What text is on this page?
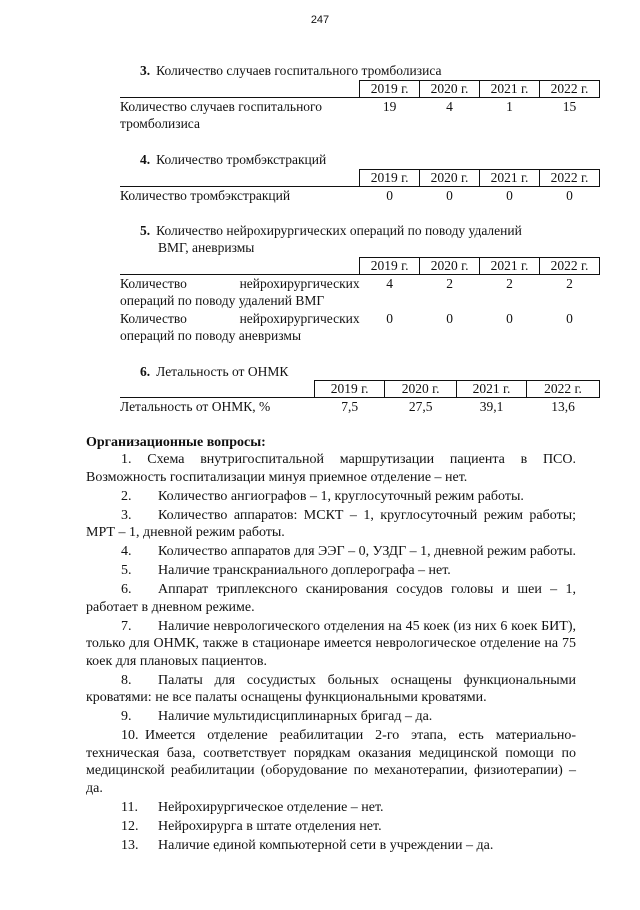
247
3. Количество случаев госпитального тромболизиса
	2019 г.	2020 г.	2021 г.	2022 г.
Количество случаев госпитального тромболизиса	19	4	1	15
4. Количество тромбэкстракций
	2019 г.	2020 г.	2021 г.	2022 г.
Количество тромбэкстракций	0	0	0	0
5. Количество нейрохирургических операций по поводу удалений
ВМГ, аневризмы
	2019 г.	2020 г.	2021 г.	2022 г.
Количество нейрохирургических операций по поводу удалений ВМГ	4	2	2	2
Количество нейрохирургических операций по поводу аневризмы	0	0	0	0
6. Летальность от ОНМК
	2019 г.	2020 г.	2021 г.	2022 г.
Летальность от ОНМК, %	7,5	27,5	39,1	13,6
Организационные вопросы:

1. Схема внутригоспитальной маршрутизации пациента в ПСО. Возможность госпитализации минуя приемное отделение – нет.

2. Количество ангиографов – 1, круглосуточный режим работы.

3. Количество аппаратов: МСКТ – 1, круглосуточный режим работы; МРТ – 1, дневной режим работы.

4. Количество аппаратов для ЭЭГ – 0, УЗДГ – 1, дневной режим работы.

5. Наличие транскраниального доплерографа – нет.

6. Аппарат триплексного сканирования сосудов головы и шеи – 1, работает в дневном режиме.

7. Наличие неврологического отделения на 45 коек (из них 6 коек БИТ), только для ОНМК, также в стационаре имеется неврологическое отделение на 75 коек для плановых пациентов.

8. Палаты для сосудистых больных оснащены функциональными кроватями: не все палаты оснащены функциональными кроватями.

9. Наличие мультидисциплинарных бригад – да.

10. Имеется отделение реабилитации 2-го этапа, есть материально-техническая база, соответствует порядкам оказания медицинской помощи по медицинской реабилитации (оборудование по механотерапии, физиотерапии) – да.

11. Нейрохирургическое отделение – нет.

12. Нейрохирурга в штате отделения нет.

13. Наличие единой компьютерной сети в учреждении – да.
